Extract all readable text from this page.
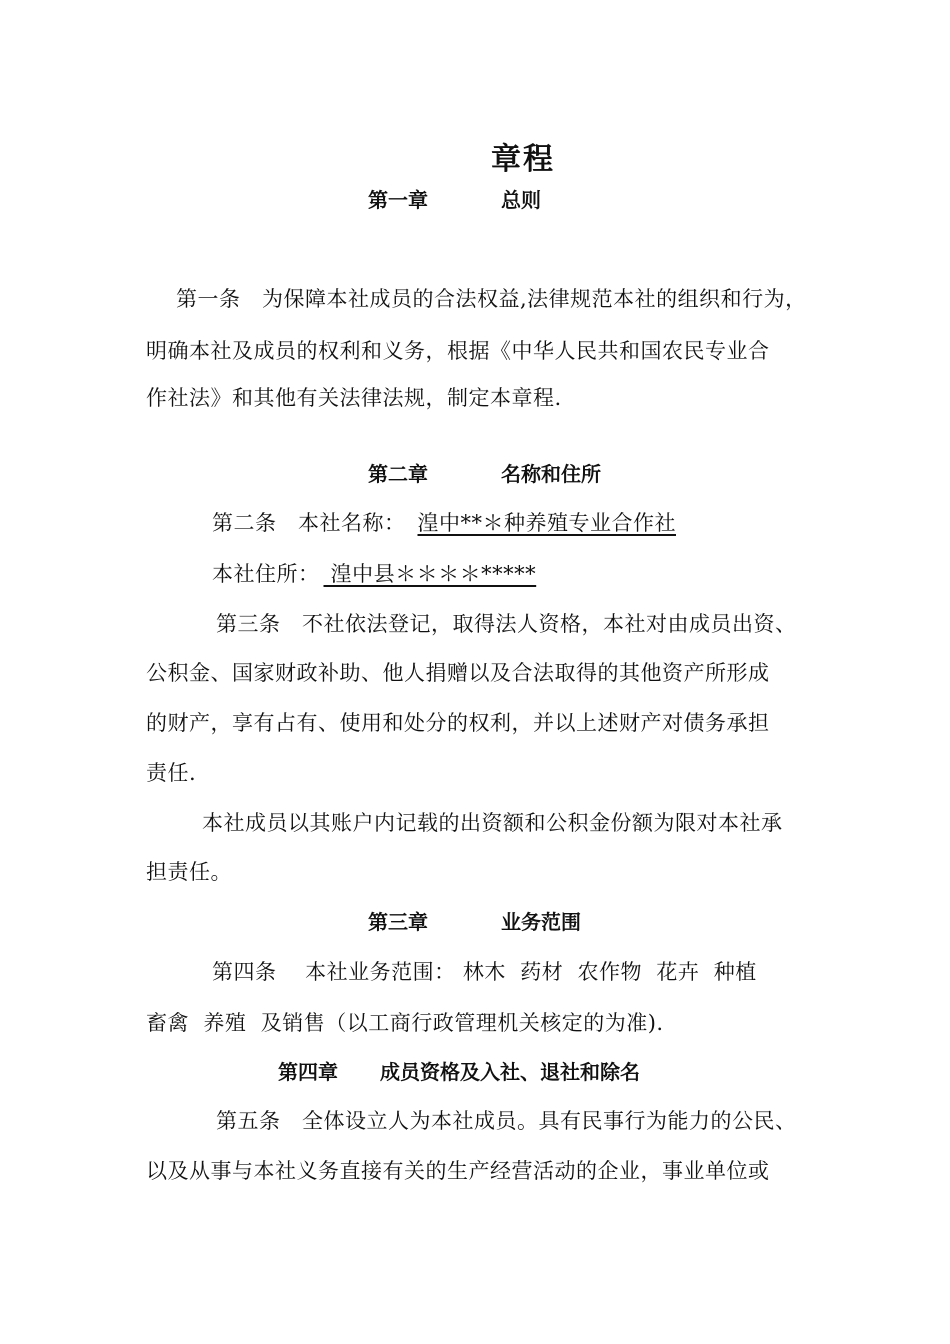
章程
第一章	总则
第一条　为保障本社成员的合法权益,法律规范本社的组织和行为，
明确本社及成员的权利和义务，根据《中华人民共和国农民专业合
作社法》和其他有关法律法规，制定本章程.
第二章	名称和住所
第二条　本社名称： 湟中**＊种养殖专业合作社
本社住所： 湟中县＊＊＊＊*****
第三条　不社依法登记，取得法人资格，本社对由成员出资、
公积金、国家财政补助、他人捐赠以及合法取得的其他资产所形成
的财产，享有占有、使用和处分的权利，并以上述财产对债务承担
责任.
本社成员以其账户内记载的出资额和公积金份额为限对本社承
担责任。
第三章	业务范围
第四条　 本社业务范围： 林木  药材  农作物  花卉  种植
畜禽  养殖  及销售（以工商行政管理机关核定的为准).
第四章 成员资格及入社、退社和除名
第五条　全体设立人为本社成员。具有民事行为能力的公民、
以及从事与本社义务直接有关的生产经营活动的企业，事业单位或
